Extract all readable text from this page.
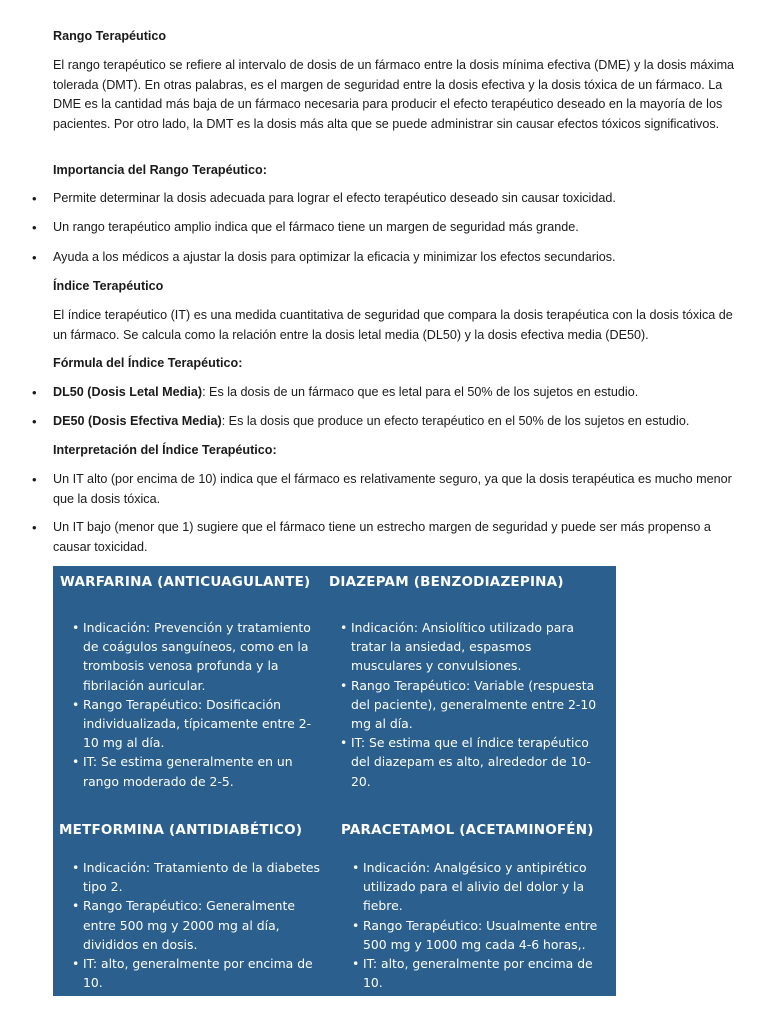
Rango Terapéutico

El rango terapéutico se refiere al intervalo de dosis de un fármaco entre la dosis mínima efectiva (DME) y la dosis máxima tolerada (DMT). En otras palabras, es el margen de seguridad entre la dosis efectiva y la dosis tóxica de un fármaco. La DME es la cantidad más baja de un fármaco necesaria para producir el efecto terapéutico deseado en la mayoría de los pacientes. Por otro lado, la DMT es la dosis más alta que se puede administrar sin causar efectos tóxicos significativos.

Importancia del Rango Terapéutico:

• Permite determinar la dosis adecuada para lograr el efecto terapéutico deseado sin causar toxicidad.

• Un rango terapéutico amplio indica que el fármaco tiene un margen de seguridad más grande.

• Ayuda a los médicos a ajustar la dosis para optimizar la eficacia y minimizar los efectos secundarios.

Índice Terapéutico

El índice terapéutico (IT) es una medida cuantitativa de seguridad que compara la dosis terapéutica con la dosis tóxica de un fármaco. Se calcula como la relación entre la dosis letal media (DL50) y la dosis efectiva media (DE50).

Fórmula del Índice Terapéutico:

• DL50 (Dosis Letal Media): Es la dosis de un fármaco que es letal para el 50% de los sujetos en estudio.

• DE50 (Dosis Efectiva Media): Es la dosis que produce un efecto terapéutico en el 50% de los sujetos en estudio.

Interpretación del Índice Terapéutico:

• Un IT alto (por encima de 10) indica que el fármaco es relativamente seguro, ya que la dosis terapéutica es mucho menor que la dosis tóxica.

• Un IT bajo (menor que 1) sugiere que el fármaco tiene un estrecho margen de seguridad y puede ser más propenso a causar toxicidad.

WARFARINA (ANTICUAGULANTE)
• Indicación: Prevención y tratamiento de coágulos sanguíneos, como en la trombosis venosa profunda y la fibrilación auricular.
• Rango Terapéutico: Dosificación individualizada, típicamente entre 2-10 mg al día.
• IT: Se estima generalmente en un rango moderado de 2-5.
DIAZEPAM (BENZODIAZEPINA)
• Indicación: Ansiolítico utilizado para tratar la ansiedad, espasmos musculares y convulsiones.
• Rango Terapéutico: Variable (respuesta del paciente), generalmente entre 2-10 mg al día.
• IT: Se estima que el índice terapéutico del diazepam es alto, alrededor de 10-20.
METFORMINA (ANTIDIABÉTICO)
• Indicación: Tratamiento de la diabetes tipo 2.
• Rango Terapéutico: Generalmente entre 500 mg y 2000 mg al día, divididos en dosis.
• IT: alto, generalmente por encima de 10.
PARACETAMOL (ACETAMINOFÉN)
• Indicación: Analgésico y antipirético utilizado para el alivio del dolor y la fiebre.
• Rango Terapéutico: Usualmente entre 500 mg y 1000 mg cada 4-6 horas,.
• IT: alto, generalmente por encima de 10.
